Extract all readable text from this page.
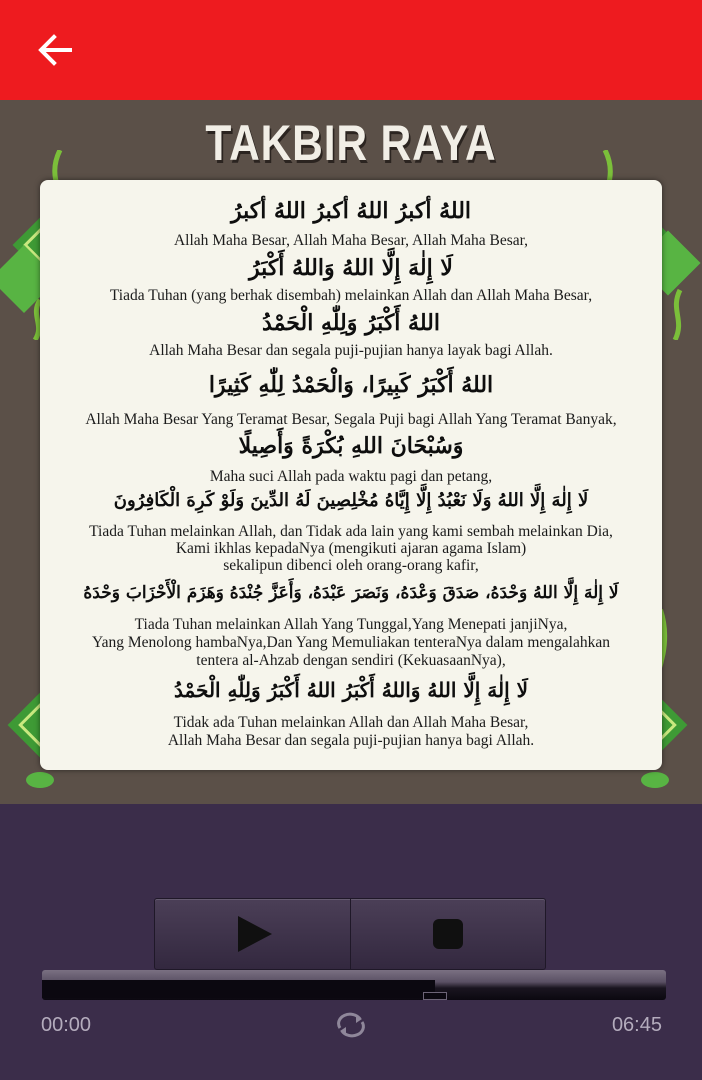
TAKBIR RAYA
اللهُ أكبرُ اللهُ أكبرُ اللهُ أكبرُ
Allah Maha Besar, Allah Maha Besar, Allah Maha Besar,
لَا إِلٰهَ إِلَّا اللهُ وَاللهُ أَكْبَرُ
Tiada Tuhan (yang berhak disembah) melainkan Allah dan Allah Maha Besar,
اللهُ أَكْبَرُ وَلِلّٰهِ الْحَمْدُ
Allah Maha Besar dan segala puji-pujian hanya layak bagi Allah.
اللهُ أَكْبَرُ كَبِيرًا، وَالْحَمْدُ لِلّٰهِ كَثِيرًا
Allah Maha Besar Yang Teramat Besar, Segala Puji bagi Allah Yang Teramat Banyak,
وَسُبْحَانَ اللهِ بُكْرَةً وَأَصِيلًا
Maha suci Allah pada waktu pagi dan petang,
لَا إِلٰهَ إِلَّا اللهُ وَلَا نَعْبُدُ إِلَّا إِيَّاهُ مُخْلِصِينَ لَهُ الدِّينَ وَلَوْ كَرِهَ الْكَافِرُونَ
Tiada Tuhan melainkan Allah, dan Tidak ada lain yang kami sembah melainkan Dia,
Kami ikhlas kepadaNya (mengikuti ajaran agama Islam)
sekalipun dibenci oleh orang-orang kafir,
لَا إِلٰهَ إِلَّا اللهُ وَحْدَهُ، صَدَقَ وَعْدَهُ، وَنَصَرَ عَبْدَهُ، وَأَعَزَّ جُنْدَهُ وَهَزَمَ الْأَحْزَابَ وَحْدَهُ
Tiada Tuhan melainkan Allah Yang Tunggal,Yang Menepati janjiNya,
Yang Menolong hambaNya,Dan Yang Memuliakan tenteraNya dalam mengalahkan
tentera al-Ahzab dengan sendiri (KekuasaanNya),
لَا إِلٰهَ إِلَّا اللهُ وَاللهُ أَكْبَرُ اللهُ أَكْبَرُ وَلِلّٰهِ الْحَمْدُ
Tidak ada Tuhan melainkan Allah dan Allah Maha Besar,
Allah Maha Besar dan segala puji-pujian hanya bagi Allah.
00:00	06:45
